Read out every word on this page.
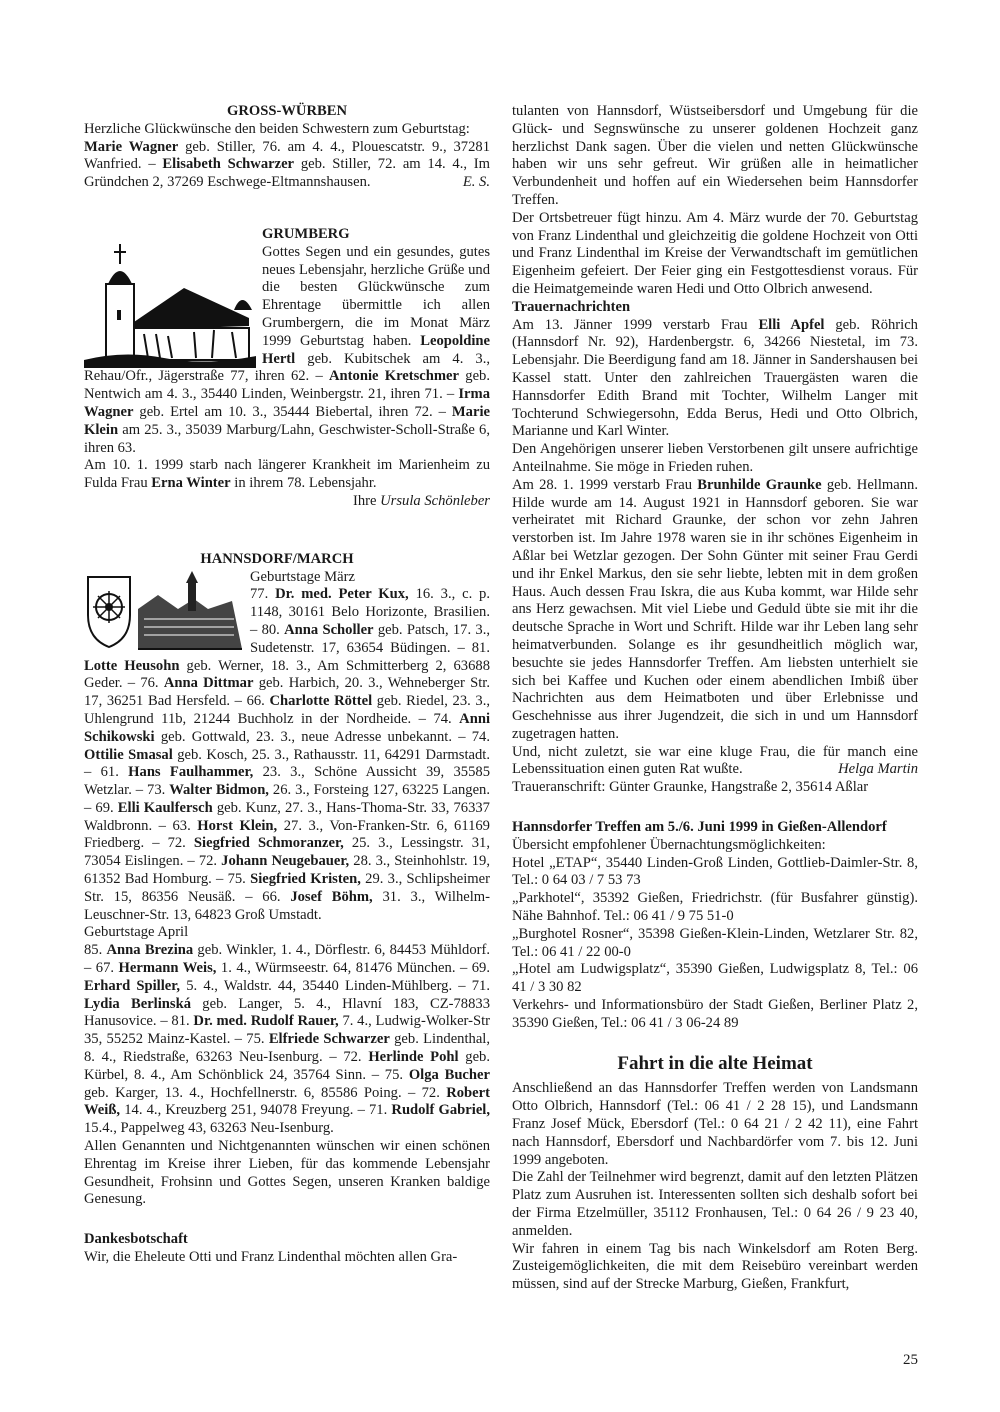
GROSS-WÜRBEN

Herzliche Glückwünsche den beiden Schwestern zum Geburtstag:
Marie Wagner geb. Stiller, 76. am 4. 4., Plouescatstr. 9., 37281 Wanfried. – Elisabeth Schwarzer geb. Stiller, 72. am 14. 4., Im Gründchen 2, 37269 Eschwege-Eltmannshausen.	E. S.

GRUMBERG

Gottes Segen und ein gesundes, gutes neues Lebensjahr, herzliche Grüße und die besten Glückwünsche zum Ehrentage übermittle ich allen Grumbergern, die im Monat März 1999 Geburtstag haben. Leopoldine Hertl geb. Kubitschek am 4. 3., Rehau/Ofr., Jägerstraße 77, ihren 62. – Antonie Kretschmer geb. Nentwich am 4. 3., 35440 Linden, Weinbergstr. 21, ihren 71. – Irma Wagner geb. Ertel am 10. 3., 35444 Biebertal, ihren 72. – Marie Klein am 25. 3., 35039 Marburg/Lahn, Geschwister-Scholl-Straße 6, ihren 63.

Am 10. 1. 1999 starb nach längerer Krankheit im Marienheim zu Fulda Frau Erna Winter in ihrem 78. Lebensjahr.

Ihre Ursula Schönleber

HANNSDORF/MARCH

Geburtstage März
77. Dr. med. Peter Kux, 16. 3., c. p. 1148, 30161 Belo Horizonte, Brasilien. – 80. Anna Scholler geb. Patsch, 17. 3., Sudetenstr. 17, 63654 Büdingen. – 81. Lotte Heusohn geb. Werner, 18. 3., Am Schmitterberg 2, 63688 Geder. – 76. Anna Dittmar geb. Harbich, 20. 3., Wehneberger Str. 17, 36251 Bad Hersfeld. – 66. Charlotte Röttel geb. Riedel, 23. 3., Uhlengrund 11b, 21244 Buchholz in der Nordheide. – 74. Anni Schikowski geb. Gottwald, 23. 3., neue Adresse unbekannt. – 74. Ottilie Smasal geb. Kosch, 25. 3., Rathausstr. 11, 64291 Darmstadt. – 61. Hans Faulhammer, 23. 3., Schöne Aussicht 39, 35585 Wetzlar. – 73. Walter Bidmon, 26. 3., Forsteing 127, 63225 Langen. – 69. Elli Kaulfersch geb. Kunz, 27. 3., Hans-Thoma-Str. 33, 76337 Waldbronn. – 63. Horst Klein, 27. 3., Von-Franken-Str. 6, 61169 Friedberg. – 72. Siegfried Schmoranzer, 25. 3., Lessingstr. 31, 73054 Eislingen. – 72. Johann Neugebauer, 28. 3., Steinhohlstr. 19, 61352 Bad Homburg. – 75. Siegfried Kristen, 29. 3., Schlipsheimer Str. 15, 86356 Neusäß. – 66. Josef Böhm, 31. 3., Wilhelm-Leuschner-Str. 13, 64823 Groß Umstadt.

Geburtstage April

85. Anna Brezina geb. Winkler, 1. 4., Dörflestr. 6, 84453 Mühldorf. – 67. Hermann Weis, 1. 4., Würmseestr. 64, 81476 München. – 69. Erhard Spiller, 5. 4., Waldstr. 44, 35440 Linden-Mühlberg. – 71. Lydia Berlinská geb. Langer, 5. 4., Hlavní 183, CZ-78833 Hanusovice. – 81. Dr. med. Rudolf Rauer, 7. 4., Ludwig-Wolker-Str 35, 55252 Mainz-Kastel. – 75. Elfriede Schwarzer geb. Lindenthal, 8. 4., Riedstraße, 63263 Neu-Isenburg. – 72. Herlinde Pohl geb. Kürbel, 8. 4., Am Schönblick 24, 35764 Sinn. – 75. Olga Bucher geb. Karger, 13. 4., Hochfellnerstr. 6, 85586 Poing. – 72. Robert Weiß, 14. 4., Kreuzberg 251, 94078 Freyung. – 71. Rudolf Gabriel, 15.4., Pappelweg 43, 63263 Neu-Isenburg.

Allen Genannten und Nichtgenannten wünschen wir einen schönen Ehrentag im Kreise ihrer Lieben, für das kommende Lebensjahr Gesundheit, Frohsinn und Gottes Segen, unseren Kranken baldige Genesung.

Dankesbotschaft

Wir, die Eheleute Otti und Franz Lindenthal möchten allen Gra-

tulanten von Hannsdorf, Wüstseibersdorf und Umgebung für die Glück- und Segnswünsche zu unserer goldenen Hochzeit ganz herzlichst Dank sagen. Über die vielen und netten Glückwünsche haben wir uns sehr gefreut. Wir grüßen alle in heimatlicher Verbundenheit und hoffen auf ein Wiedersehen beim Hannsdorfer Treffen.

Der Ortsbetreuer fügt hinzu. Am 4. März wurde der 70. Geburtstag von Franz Lindenthal und gleichzeitig die goldene Hochzeit von Otti und Franz Lindenthal im Kreise der Verwandtschaft im gemütlichen Eigenheim gefeiert. Der Feier ging ein Festgottesdienst voraus. Für die Heimatgemeinde waren Hedi und Otto Olbrich anwesend.

Trauernachrichten

Am 13. Jänner 1999 verstarb Frau Elli Apfel geb. Röhrich (Hannsdorf Nr. 92), Hardenbergstr. 6, 34266 Niestetal, im 73. Lebensjahr. Die Beerdigung fand am 18. Jänner in Sandershausen bei Kassel statt. Unter den zahlreichen Trauergästen waren die Hannsdorfer Edith Brand mit Tochter, Wilhelm Langer mit Tochterund Schwiegersohn, Edda Berus, Hedi und Otto Olbrich, Marianne und Karl Winter.

Den Angehörigen unserer lieben Verstorbenen gilt unsere aufrichtige Anteilnahme. Sie möge in Frieden ruhen.

Am 28. 1. 1999 verstarb Frau Brunhilde Graunke geb. Hellmann. Hilde wurde am 14. August 1921 in Hannsdorf geboren. Sie war verheiratet mit Richard Graunke, der schon vor zehn Jahren verstorben ist. Im Jahre 1978 waren sie in ihr schönes Eigenheim in Aßlar bei Wetzlar gezogen. Der Sohn Günter mit seiner Frau Gerdi und ihr Enkel Markus, den sie sehr liebte, lebten mit in dem großen Haus. Auch dessen Frau Iskra, die aus Kuba kommt, war Hilde sehr ans Herz gewachsen. Mit viel Liebe und Geduld übte sie mit ihr die deutsche Sprache in Wort und Schrift. Hilde war ihr Leben lang sehr heimatverbunden. Solange es ihr gesundheitlich möglich war, besuchte sie jedes Hannsdorfer Treffen. Am liebsten unterhielt sie sich bei Kaffee und Kuchen oder einem abendlichen Imbiß über Nachrichten aus dem Heimatboten und über Erlebnisse und Geschehnisse aus ihrer Jugendzeit, die sich in und um Hannsdorf zugetragen hatten.

Und, nicht zuletzt, sie war eine kluge Frau, die für manch eine Lebenssituation einen guten Rat wußte.	Helga Martin

Traueranschrift: Günter Graunke, Hangstraße 2, 35614 Aßlar

Hannsdorfer Treffen am 5./6. Juni 1999 in Gießen-Allendorf

Übersicht empfohlener Übernachtungsmöglichkeiten:

Hotel „ETAP“, 35440 Linden-Groß Linden, Gottlieb-Daimler-Str. 8, Tel.: 0 64 03 / 7 53 73

„Parkhotel“, 35392 Gießen, Friedrichstr. (für Busfahrer günstig). Nähe Bahnhof. Tel.: 06 41 / 9 75 51-0

„Burghotel Rosner“, 35398 Gießen-Klein-Linden, Wetzlarer Str. 82, Tel.: 06 41 / 22 00-0

„Hotel am Ludwigsplatz“, 35390 Gießen, Ludwigsplatz 8, Tel.: 06 41 / 3 30 82

Verkehrs- und Informationsbüro der Stadt Gießen, Berliner Platz 2, 35390 Gießen, Tel.: 06 41 / 3 06-24 89

Fahrt in die alte Heimat

Anschließend an das Hannsdorfer Treffen werden von Landsmann Otto Olbrich, Hannsdorf (Tel.: 06 41 / 2 28 15), und Landsmann Franz Josef Mück, Ebersdorf (Tel.: 0 64 21 / 2 42 11), eine Fahrt nach Hannsdorf, Ebersdorf und Nachbardörfer vom 7. bis 12. Juni 1999 angeboten.

Die Zahl der Teilnehmer wird begrenzt, damit auf den letzten Plätzen Platz zum Ausruhen ist. Interessenten sollten sich deshalb sofort bei der Firma Etzelmüller, 35112 Fronhausen, Tel.: 0 64 26 / 9 23 40, anmelden.

Wir fahren in einem Tag bis nach Winkelsdorf am Roten Berg. Zusteigemöglichkeiten, die mit dem Reisebüro vereinbart werden müssen, sind auf der Strecke Marburg, Gießen, Frankfurt,

25
